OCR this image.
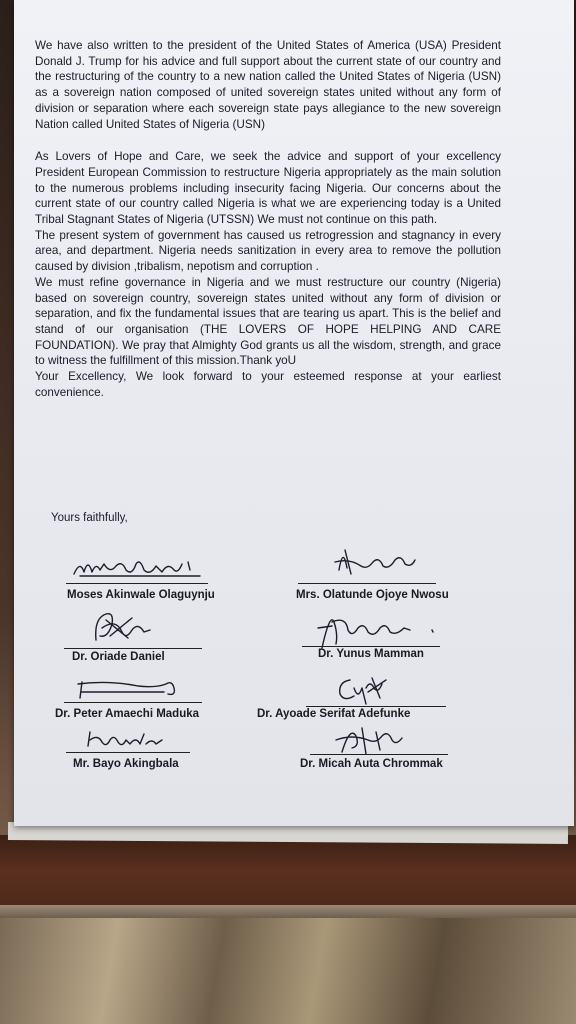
We have also written to the president of the United States of America (USA) President Donald J. Trump for his advice and full support about the current state of our country and the restructuring of the country to a new nation called the United States of Nigeria (USN) as a sovereign nation composed of united sovereign states united without any form of division or separation where each sovereign state pays allegiance to the new sovereign Nation called United States of Nigeria (USN)

As Lovers of Hope and Care, we seek the advice and support of your excellency President European Commission to restructure Nigeria appropriately as the main solution to the numerous problems including insecurity facing Nigeria. Our concerns about the current state of our country called Nigeria is what we are experiencing today is a United Tribal Stagnant States of Nigeria (UTSSN) We must not continue on this path.

The present system of government has caused us retrogression and stagnancy in every area, and department. Nigeria needs sanitization in every area to remove the pollution caused by division ,tribalism, nepotism and corruption .

We must refine governance in Nigeria and we must restructure our country (Nigeria) based on sovereign country, sovereign states united without any form of division or separation, and fix the fundamental issues that are tearing us apart. This is the belief and stand of our organisation (THE LOVERS OF HOPE HELPING AND CARE FOUNDATION). We pray that Almighty God grants us all the wisdom, strength, and grace to witness the fulfillment of this mission.Thank yoU

Your Excellency, We look forward to your esteemed response at your earliest convenience.

Yours faithfully,
Moses Akinwale Olaguynju	Mrs. Olatunde Ojoye Nwosu
Dr. Oriade Daniel	Dr. Yunus Mamman
Dr. Peter Amaechi Maduka	Dr. Ayoade Serifat Adefunke
Mr. Bayo Akingbala	Dr. Micah Auta Chrommak
